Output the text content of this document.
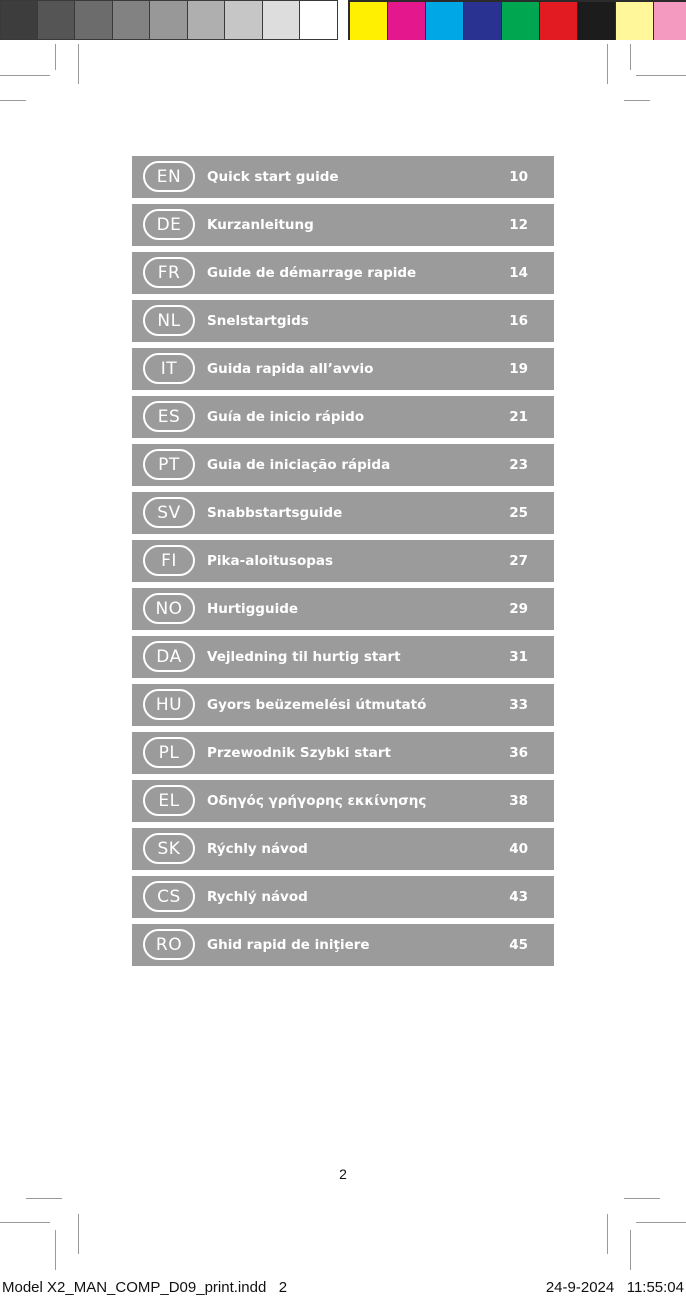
EN	Quick start guide	10
DE	Kurzanleitung	12
FR	Guide de démarrage rapide	14
NL	Snelstartgids	16
IT	Guida rapida all’avvio	19
ES	Guía de inicio rápido	21
PT	Guia de iniciação rápida	23
SV	Snabbstartsguide	25
FI	Pika-aloitusopas	27
NO	Hurtigguide	29
DA	Vejledning til hurtig start	31
HU	Gyors beüzemelési útmutató	33
PL	Przewodnik Szybki start	36
EL	Οδηγός γρήγορης εκκίνησης	38
SK	Rýchly návod	40
CS	Rychlý návod	43
RO	Ghid rapid de iniţiere	45
2
Model X2_MAN_COMP_D09_print.indd   2	24-9-2024   11:55:04
